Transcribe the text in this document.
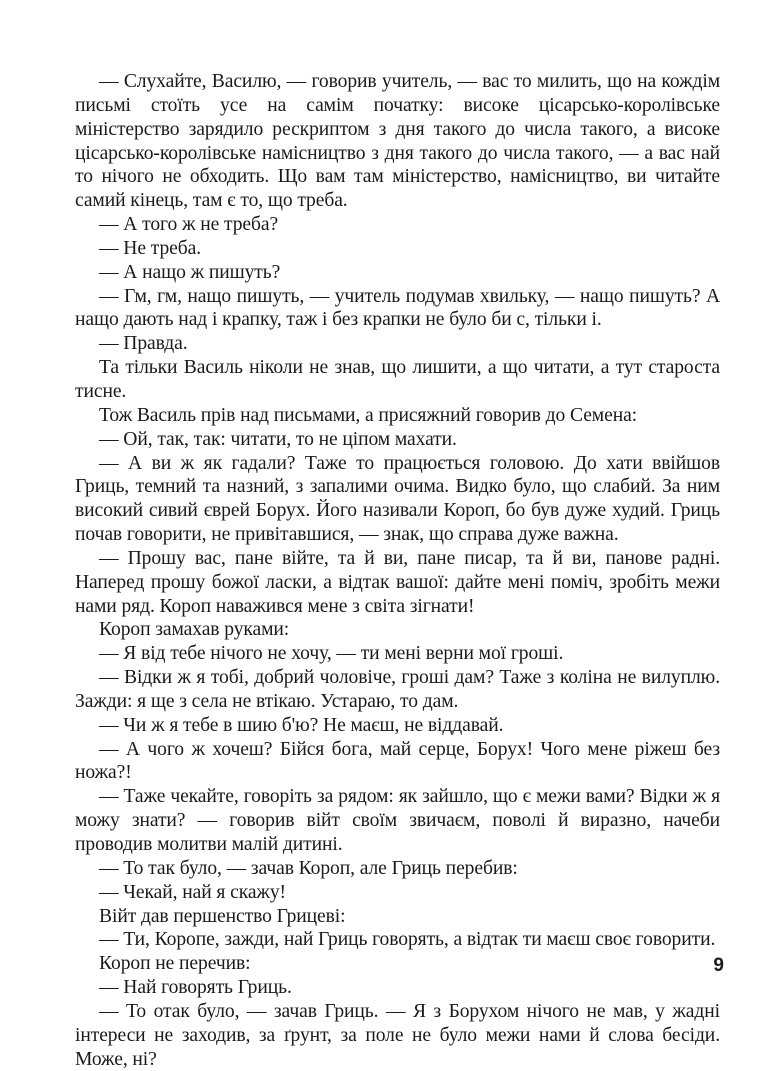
— Слухайте, Василю, — говорив учитель, — вас то милить, що на кождім письмі стоїть усе на самім початку: високе цісарсько-королівське міністерство зарядило рескриптом з дня такого до числа такого, а високе цісарсько-королівське намісництво з дня такого до числа такого, — а вас най то нічого не обходить. Що вам там міністерство, намісництво, ви читайте самий кінець, там є то, що треба.

— А того ж не треба?

— Не треба.

— А нащо ж пишуть?

— Гм, гм, нащо пишуть, — учитель подумав хвильку, — нащо пишуть? А нащо дають над і крапку, таж і без крапки не було би с, тільки і.

— Правда.

Та тільки Василь ніколи не знав, що лишити, а що читати, а тут староста тисне.

Тож Василь прів над письмами, а присяжний говорив до Семена:

— Ой, так, так: читати, то не ціпом махати.

— А ви ж як гадали? Таже то працюється головою. До хати ввійшов Гриць, темний та назний, з запалими очима. Видко було, що слабий. За ним високий сивий єврей Борух. Його називали Короп, бо був дуже худий. Гриць почав говорити, не привітавшися, — знак, що справа дуже важна.

— Прошу вас, пане війте, та й ви, пане писар, та й ви, панове радні. Наперед прошу божої ласки, а відтак вашої: дайте мені поміч, зробіть межи нами ряд. Короп наважився мене з світа зігнати!

Короп замахав руками:

— Я від тебе нічого не хочу, — ти мені верни мої гроші.

— Відки ж я тобі, добрий чоловіче, гроші дам? Таже з коліна не вилуплю. Зажди: я ще з села не втікаю. Устараю, то дам.

— Чи ж я тебе в шию б'ю? Не маєш, не віддавай.

— А чого ж хочеш? Бійся бога, май серце, Борух! Чого мене ріжеш без ножа?!

— Таже чекайте, говоріть за рядом: як зайшло, що є межи вами? Відки ж я можу знати? — говорив війт своїм звичаєм, поволі й виразно, начеби проводив молитви малій дитині.

— То так було, — зачав Короп, але Гриць перебив:

— Чекай, най я скажу!

Війт дав першенство Грицеві:

— Ти, Коропе, зажди, най Гриць говорять, а відтак ти маєш своє говорити.

Короп не перечив:

— Най говорять Гриць.

— То отак було, — зачав Гриць. — Я з Борухом нічого не мав, у жадні інтереси не заходив, за ґрунт, за поле не було межи нами й слова бесіди. Може, ні?

9
